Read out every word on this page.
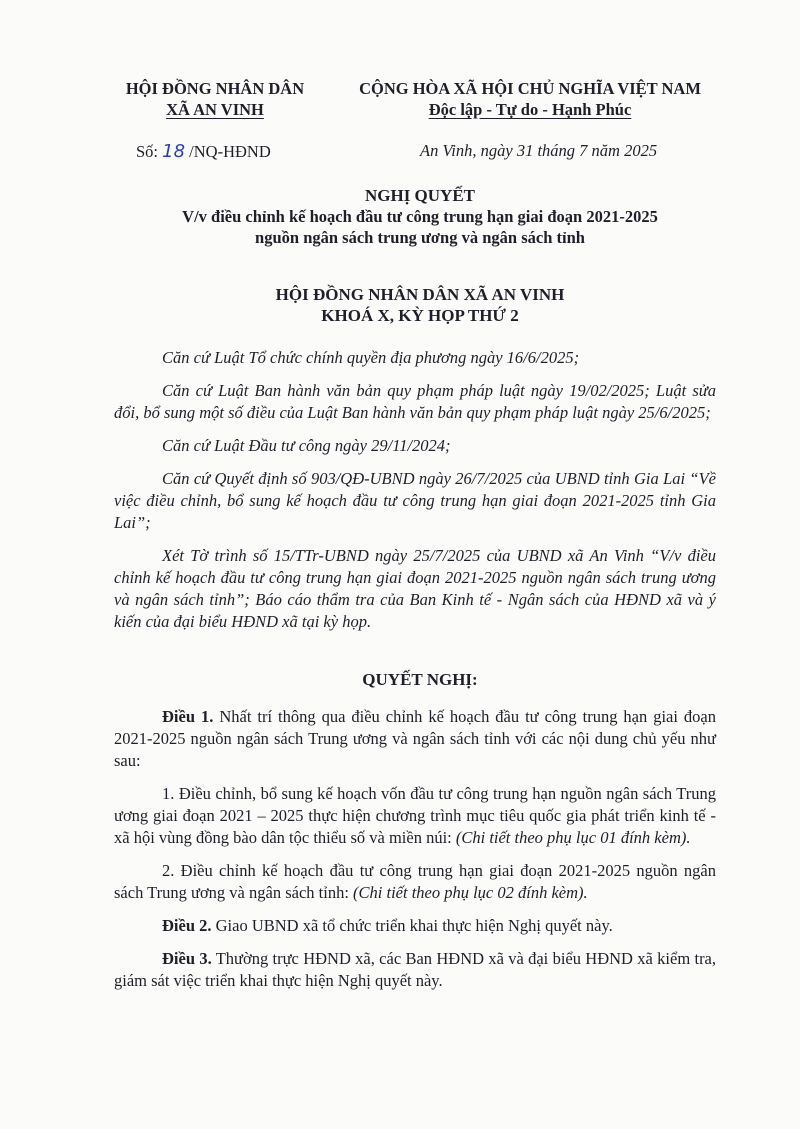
HỘI ĐỒNG NHÂN DÂN
XÃ AN VINH
CỘNG HÒA XÃ HỘI CHỦ NGHĨA VIỆT NAM
Độc lập - Tự do - Hạnh Phúc
Số: 18 /NQ-HĐND	An Vinh, ngày 31 tháng 7 năm 2025
NGHỊ QUYẾT
V/v điều chỉnh kế hoạch đầu tư công trung hạn giai đoạn 2021-2025
nguồn ngân sách trung ương và ngân sách tỉnh
HỘI ĐỒNG NHÂN DÂN XÃ AN VINH
KHOÁ X, KỲ HỌP THỨ 2

Căn cứ Luật Tổ chức chính quyền địa phương ngày 16/6/2025;

Căn cứ Luật Ban hành văn bản quy phạm pháp luật ngày 19/02/2025; Luật sửa đổi, bổ sung một số điều của Luật Ban hành văn bản quy phạm pháp luật ngày 25/6/2025;

Căn cứ Luật Đầu tư công ngày 29/11/2024;

Căn cứ Quyết định số 903/QĐ-UBND ngày 26/7/2025 của UBND tỉnh Gia Lai “Về việc điều chỉnh, bổ sung kế hoạch đầu tư công trung hạn giai đoạn 2021-2025 tỉnh Gia Lai”;

Xét Tờ trình số 15/TTr-UBND ngày 25/7/2025 của UBND xã An Vinh “V/v điều chỉnh kế hoạch đầu tư công trung hạn giai đoạn 2021-2025 nguồn ngân sách trung ương và ngân sách tỉnh”; Báo cáo thẩm tra của Ban Kinh tế - Ngân sách của HĐND xã và ý kiến của đại biểu HĐND xã tại kỳ họp.

QUYẾT NGHỊ:

Điều 1. Nhất trí thông qua điều chỉnh kế hoạch đầu tư công trung hạn giai đoạn 2021-2025 nguồn ngân sách Trung ương và ngân sách tỉnh với các nội dung chủ yếu như sau:

1. Điều chỉnh, bổ sung kế hoạch vốn đầu tư công trung hạn nguồn ngân sách Trung ương giai đoạn 2021 – 2025 thực hiện chương trình mục tiêu quốc gia phát triển kinh tế - xã hội vùng đồng bào dân tộc thiểu số và miền núi: (Chi tiết theo phụ lục 01 đính kèm).

2. Điều chỉnh kế hoạch đầu tư công trung hạn giai đoạn 2021-2025 nguồn ngân sách Trung ương và ngân sách tỉnh: (Chi tiết theo phụ lục 02 đính kèm).

Điều 2. Giao UBND xã tổ chức triển khai thực hiện Nghị quyết này.

Điều 3. Thường trực HĐND xã, các Ban HĐND xã và đại biểu HĐND xã kiểm tra, giám sát việc triển khai thực hiện Nghị quyết này.
